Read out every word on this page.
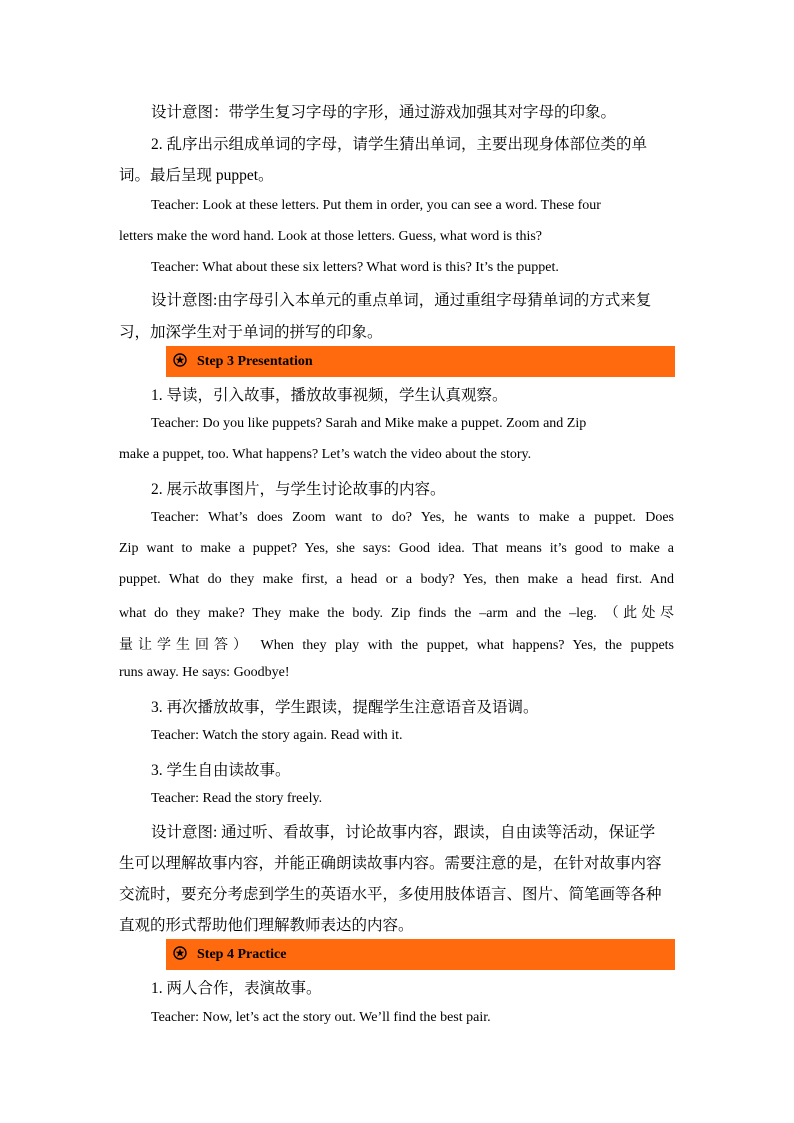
设计意图：带学生复习字母的字形，通过游戏加强其对字母的印象。

2. 乱序出示组成单词的字母，请学生猜出单词，主要出现身体部位类的单

词。最后呈现 puppet。

Teacher: Look at these letters. Put them in order, you can see a word. These four

letters make the word hand. Look at those letters. Guess, what word is this?

Teacher: What about these six letters? What word is this? It’s the puppet.

设计意图:由字母引入本单元的重点单词，通过重组字母猜单词的方式来复

习，加深学生对于单词的拼写的印象。

Step 3 Presentation

1. 导读，引入故事，播放故事视频，学生认真观察。

Teacher: Do you like puppets? Sarah and Mike make a puppet. Zoom and Zip

make a puppet, too. What happens? Let’s watch the video about the story.

2. 展示故事图片，与学生讨论故事的内容。

Teacher: What’s does Zoom want to do? Yes, he wants to make a puppet. Does

Zip want to make a puppet? Yes, she says: Good idea. That means it’s good to make a

puppet. What do they make first, a head or a body? Yes, then make a head first. And

what do they make? They make the body. Zip finds the –arm and the –leg. （此处尽

量让学生回答） When they play with the puppet, what happens? Yes, the puppets

runs away. He says: Goodbye!

3. 再次播放故事，学生跟读，提醒学生注意语音及语调。

Teacher: Watch the story again. Read with it.

3. 学生自由读故事。

Teacher: Read the story freely.

设计意图: 通过听、看故事，讨论故事内容，跟读，自由读等活动，保证学

生可以理解故事内容，并能正确朗读故事内容。需要注意的是，在针对故事内容

交流时，要充分考虑到学生的英语水平，多使用肢体语言、图片、简笔画等各种

直观的形式帮助他们理解教师表达的内容。

Step 4 Practice

1. 两人合作，表演故事。

Teacher: Now, let’s act the story out. We’ll find the best pair.
